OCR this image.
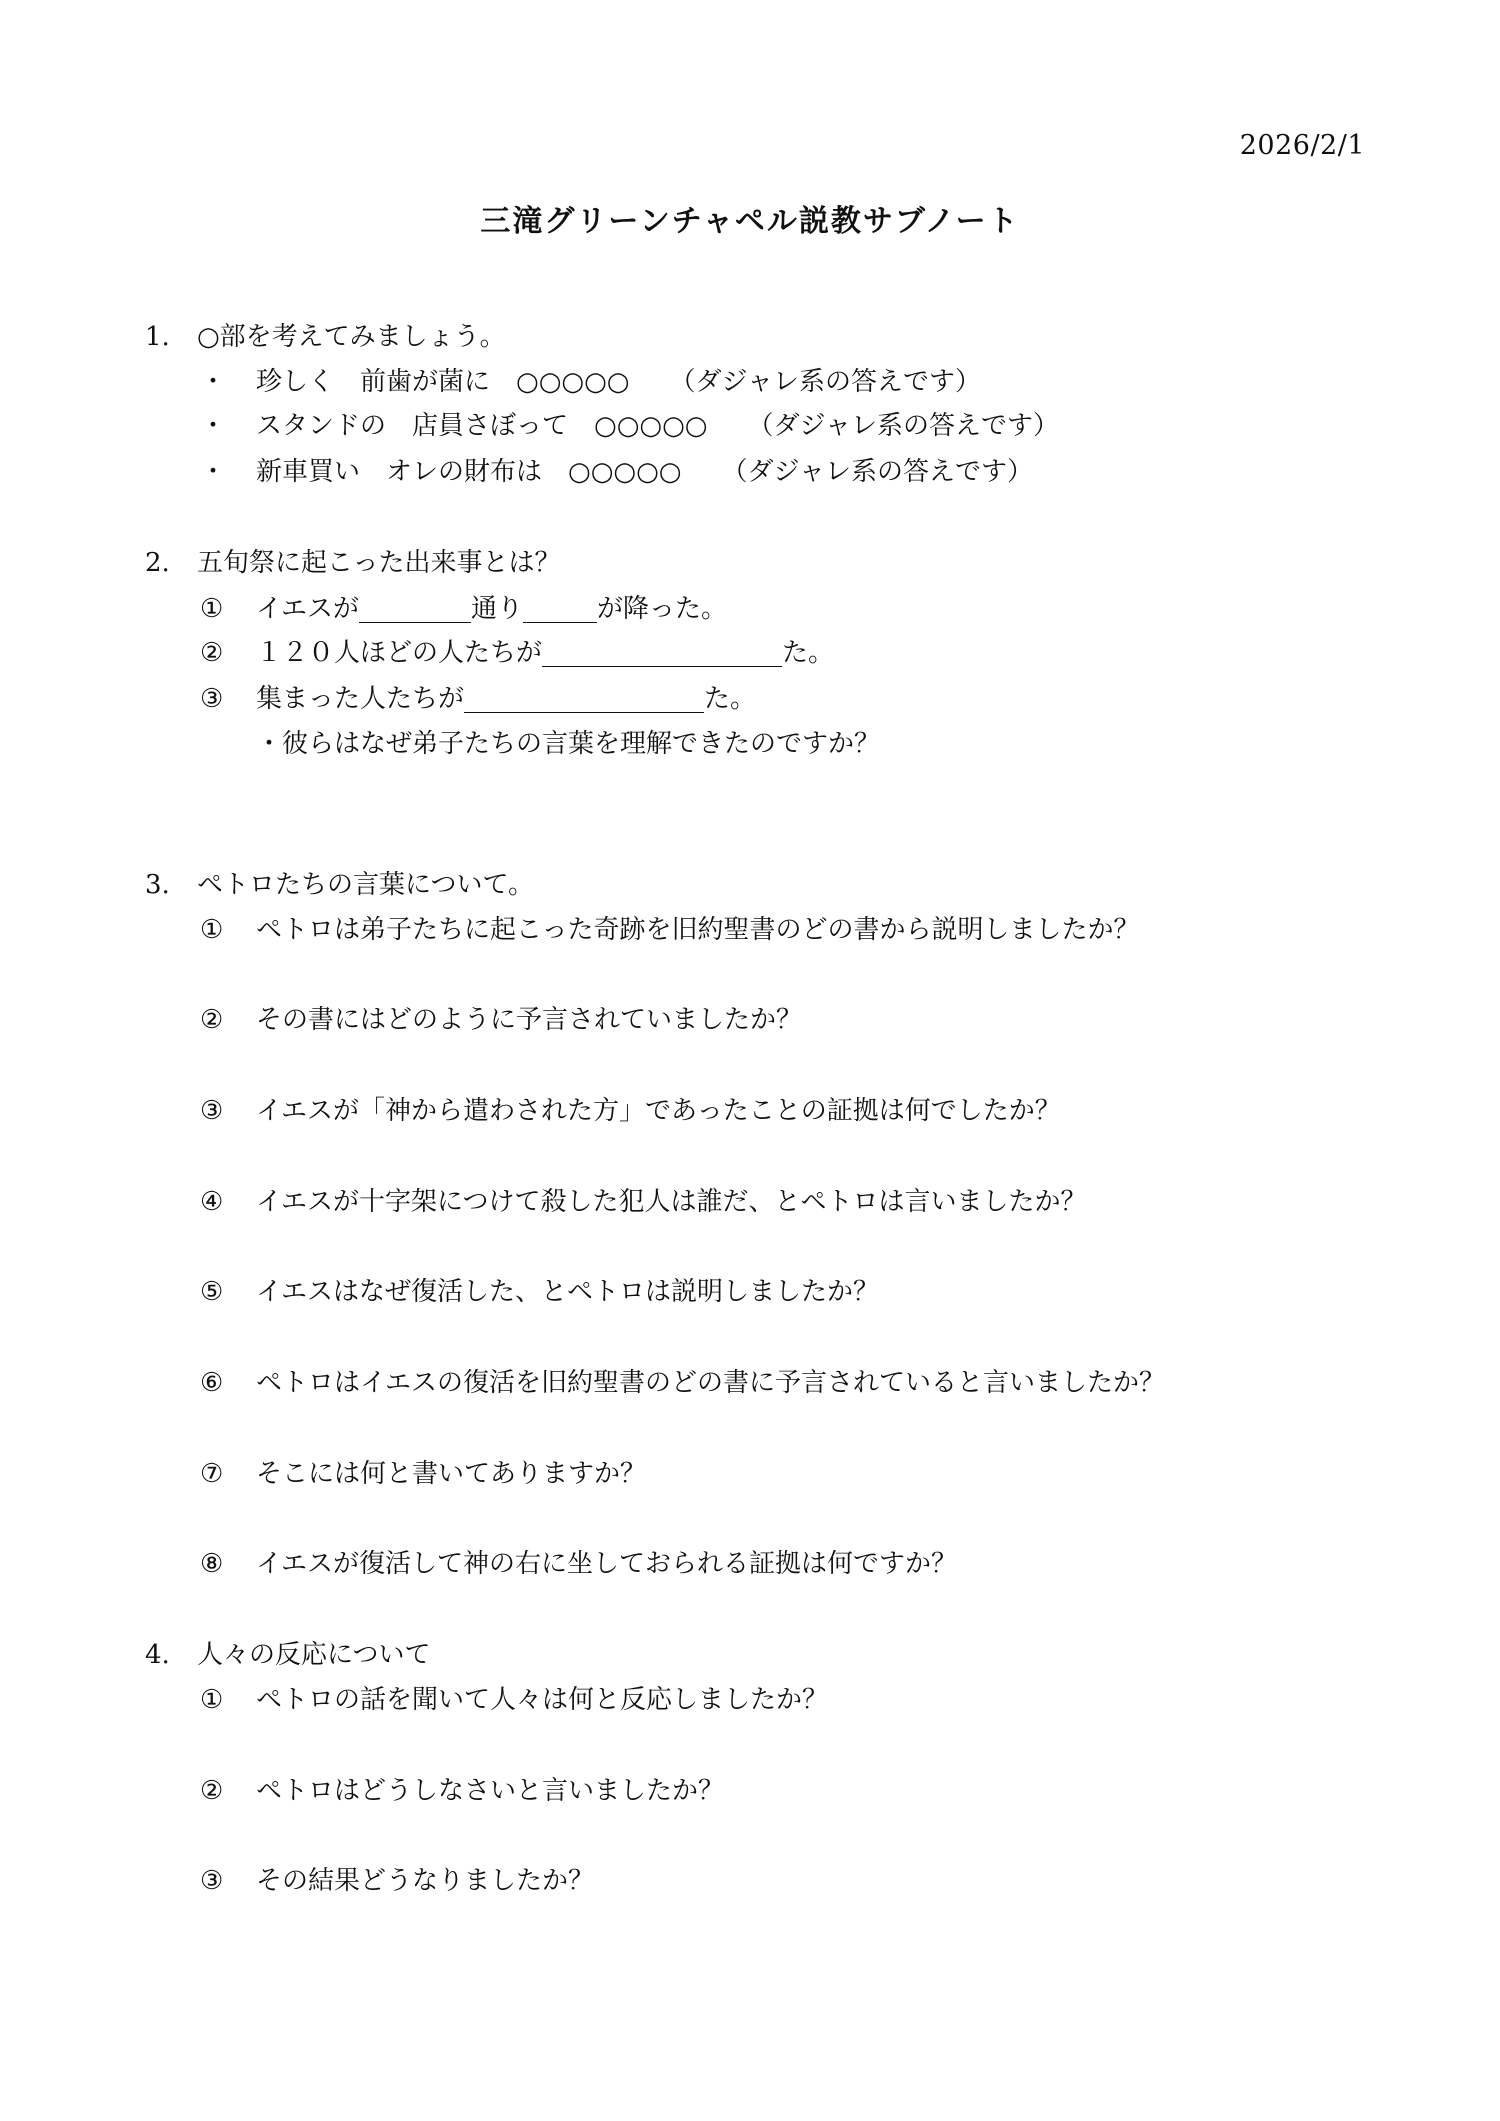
2026/2/1
三滝グリーンチャペル説教サブノート
1. ○部を考えてみましょう。
・ 珍しく 前歯が菌に ○○○○○ （ダジャレ系の答えです）
・ スタンドの 店員さぼって ○○○○○ （ダジャレ系の答えです）
・ 新車買い オレの財布は ○○○○○ （ダジャレ系の答えです）
2. 五旬祭に起こった出来事とは？
① イエスが	通り	が降った。
② １２０人ほどの人たちが	た。
③ 集まった人たちが	た。
・彼らはなぜ弟子たちの言葉を理解できたのですか？
3. ペトロたちの言葉について。
① ペトロは弟子たちに起こった奇跡を旧約聖書のどの書から説明しましたか？
② その書にはどのように予言されていましたか？
③ イエスが「神から遣わされた方」であったことの証拠は何でしたか？
④ イエスが十字架につけて殺した犯人は誰だ、とペトロは言いましたか？
⑤ イエスはなぜ復活した、とペトロは説明しましたか？
⑥ ペトロはイエスの復活を旧約聖書のどの書に予言されていると言いましたか？
⑦ そこには何と書いてありますか？
⑧ イエスが復活して神の右に坐しておられる証拠は何ですか？
4. 人々の反応について
① ペトロの話を聞いて人々は何と反応しましたか？
② ペトロはどうしなさいと言いましたか？
③ その結果どうなりましたか？
